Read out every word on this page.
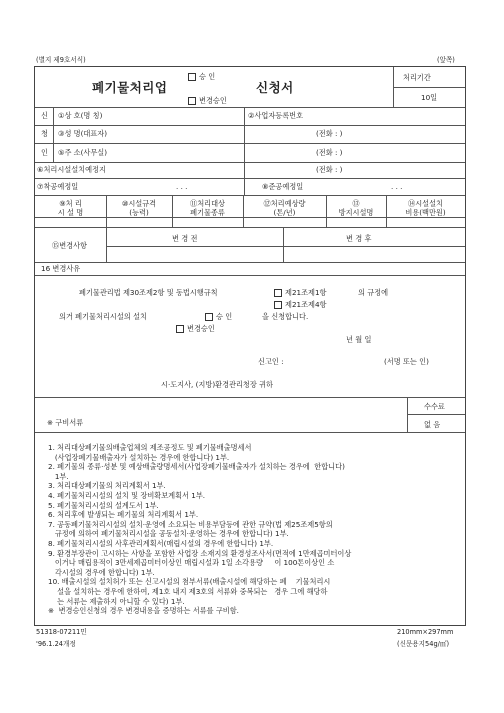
(별지 제9호서식)	(앞쪽)
폐기물처리업
승 인
변경승인
신청서
처리기간
10일
신
청
인
①상 호(명 칭)	②사업자등록번호
③성 명(대표자)	(전화 : )
⑤주 소(사무실)	(전화 : )
⑥처리시설설치예정지	(전화 : )
⑦착공예정일	. . .	⑧준공예정일	. . .
⑨처 리
시 설 명
⑩시설규격
(능력)
⑪처리대상
폐기물종류
⑫처리예상량
(톤/년)
⑬
방지시설명
⑭시설설치
비용(백만원)
⑮변경사항
변 경 전	변 경 후
16 변경사유
폐기물관리법 제30조제2항 및 동법시행규칙	제21조제1항	의 규정에
제21조제4항
의거 폐기물처리시설의 설치	승 인	을 신청합니다.
변경승인
년 월 일
신고인 :	(서명 또는 인)
시·도지사, (지방)환경관리청장 귀하
※ 구비서류
수수료
없 음
1. 처리대상폐기물의배출업체의 제조공정도 및 폐기물배출명세서
(사업장폐기물배출자가 설치하는 경우에 한합니다) 1부.
2. 폐기물의 종류·성분 및 예상배출량명세서(사업장폐기물배출자가 설치하는 경우에  한합니다)
1부.
3. 처리대상폐기물의 처리계획서 1부.
4. 폐기물처리시설의 설치 및 장비확보계획서 1부.
5. 폐기물처리시설의 설계도서 1부.
6. 처리후에 발생되는 폐기물의 처리계획서 1부.
7. 공동폐기물처리시설의 설치·운영에 소요되는 비용부담등에 관한 규약(법 제25조제5항의
규정에 의하여 폐기물처리시설을 공동설치·운영하는 경우에 한합니다) 1부.
8. 폐기물처리시설의 사후관리계획서(매립시설의 경우에 한합니다) 1부.
9. 환경부장관이 고시하는 사항을 포함한 사업장 소재지의 환경성조사서(면적에 1만제곱미터이상
이거나 매립용적이 3만세제곱미터이상인 매립시설과 1일 소각용량     이 100톤이상인 소
각시설의 경우에 한합니다) 1부.
10. 배출시설의 설치허가 또는 신고시설의 첨부서류(배출시설에 해당하는 폐    기물처리시
설을 설치하는 경우에 한하여, 제1호 내지 제3호의 서류와 중복되는   경우 그에 해당하
는 서류는 제출하지 아니할 수 있다) 1부.
※  변경승인신청의 경우 변경내용을 증명하는 서류를 구비함.
51318-07211민
'96.1.24개정
210mm×297mm
(신문용지54g/㎡)
